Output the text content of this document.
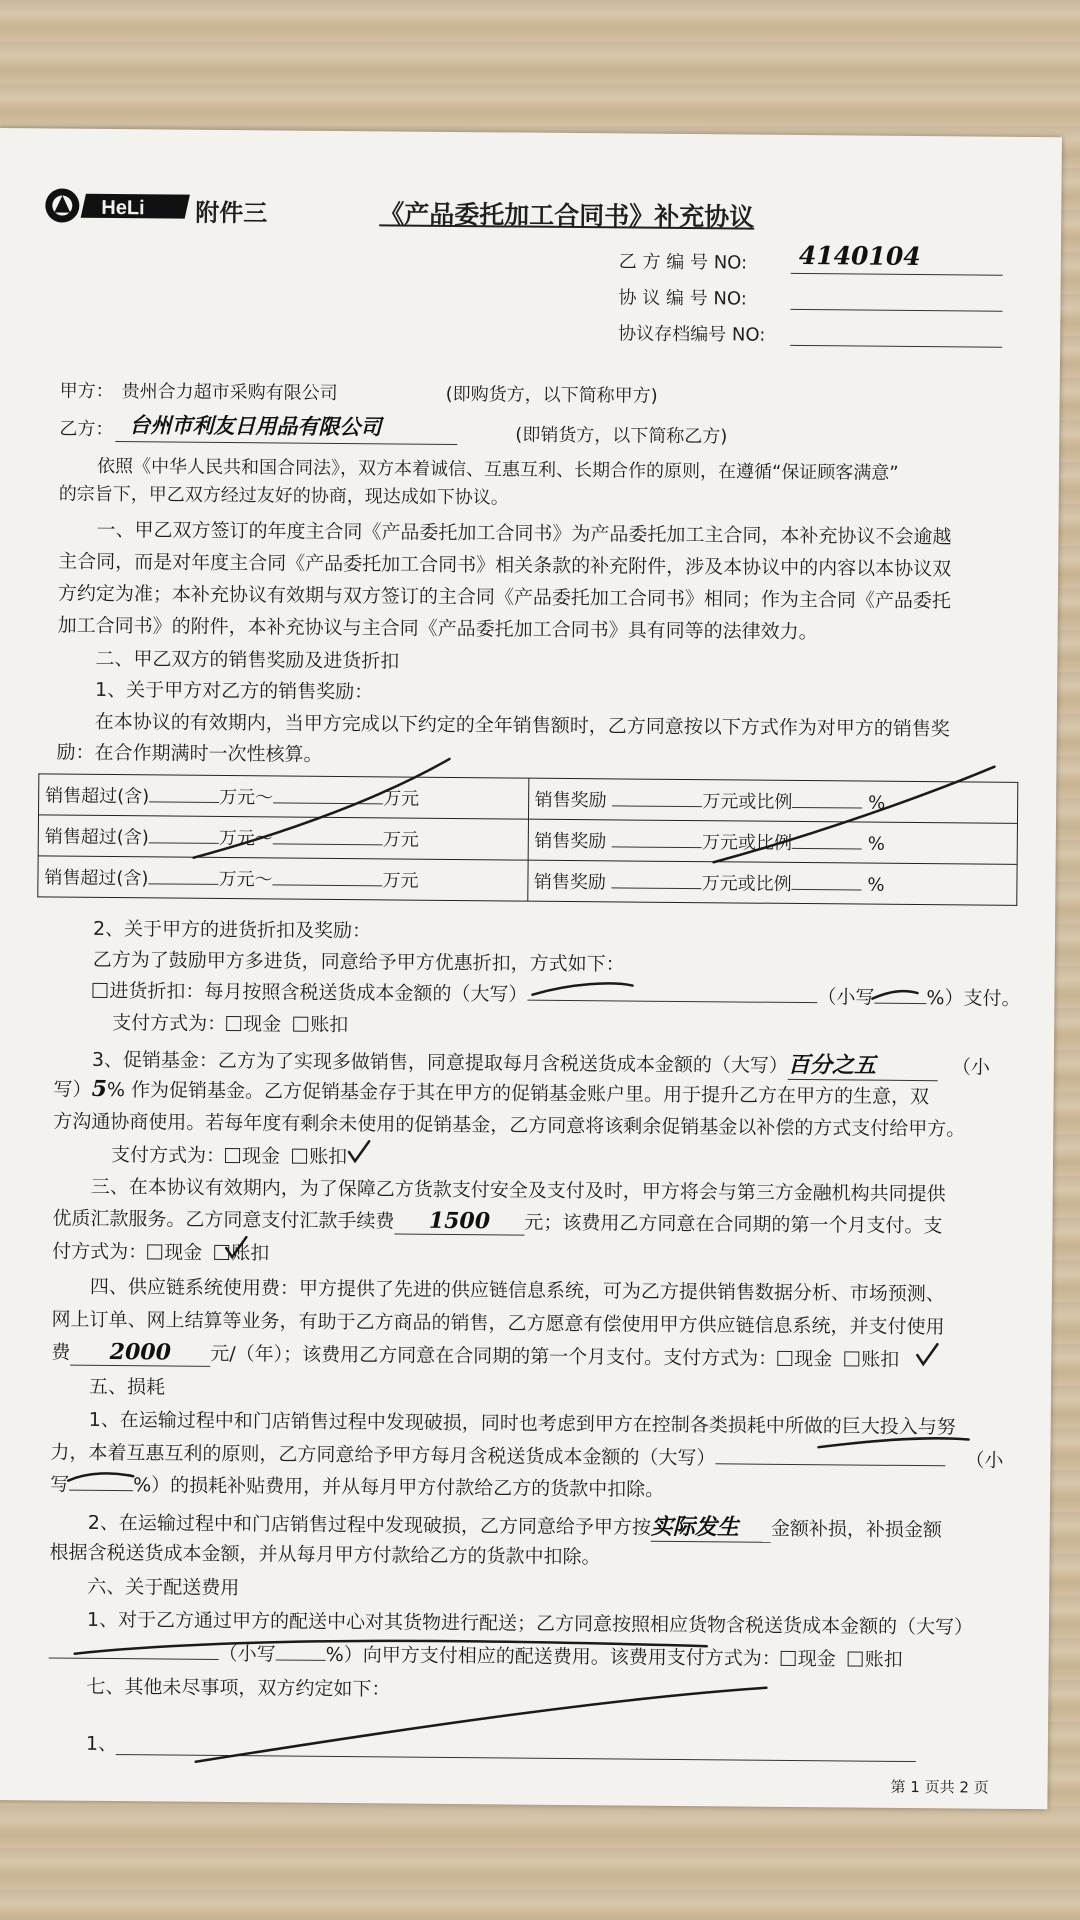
HeLi 附件三	《产品委托加工合同书》补充协议
乙 方 编 号 NO: 4140104
协 议 编 号 NO:
协议存档编号 NO:
甲方： 贵州合力超市采购有限公司	(即购货方，以下简称甲方)
乙方： 台州市利友日用品有限公司	(即销货方，以下简称乙方)
依照《中华人民共和国合同法》，双方本着诚信、互惠互利、长期合作的原则，在遵循“保证顾客满意”
的宗旨下，甲乙双方经过友好的协商，现达成如下协议。
一、甲乙双方签订的年度主合同《产品委托加工合同书》为产品委托加工主合同，本补充协议不会逾越
主合同，而是对年度主合同《产品委托加工合同书》相关条款的补充附件，涉及本协议中的内容以本协议双
方约定为准；本补充协议有效期与双方签订的主合同《产品委托加工合同书》相同；作为主合同《产品委托
加工合同书》的附件，本补充协议与主合同《产品委托加工合同书》具有同等的法律效力。
二、甲乙双方的销售奖励及进货折扣
1、关于甲方对乙方的销售奖励：
在本协议的有效期内，当甲方完成以下约定的全年销售额时，乙方同意按以下方式作为对甲方的销售奖
励：在合作期满时一次性核算。
销售超过(含) 万元～ 万元	销售奖励 万元或比例 %
销售超过(含) 万元～ 万元	销售奖励 万元或比例 %
销售超过(含) 万元～ 万元	销售奖励 万元或比例 %
2、关于甲方的进货折扣及奖励：
乙方为了鼓励甲方多进货，同意给予甲方优惠折扣，方式如下：
进货折扣：每月按照含税送货成本金额的（大写）	（小写	%）支付。
支付方式为： 现金 账扣
3、促销基金：乙方为了实现多做销售，同意提取每月含税送货成本金额的（大写）百分之五	（小
写）5% 作为促销基金。乙方促销基金存于其在甲方的促销基金账户里。用于提升乙方在甲方的生意，双
方沟通协商使用。若每年度有剩余未使用的促销基金，乙方同意将该剩余促销基金以补偿的方式支付给甲方。
支付方式为： 现金 账扣
三、在本协议有效期内，为了保障乙方货款支付安全及支付及时，甲方将会与第三方金融机构共同提供
优质汇款服务。乙方同意支付汇款手续费 1500 元；该费用乙方同意在合同期的第一个月支付。支
付方式为： 现金 账扣
四、供应链系统使用费：甲方提供了先进的供应链信息系统，可为乙方提供销售数据分析、市场预测、
网上订单、网上结算等业务，有助于乙方商品的销售，乙方愿意有偿使用甲方供应链信息系统，并支付使用
费 2000 元/（年）；该费用乙方同意在合同期的第一个月支付。支付方式为： 现金 账扣
五、损耗
1、在运输过程中和门店销售过程中发现破损，同时也考虑到甲方在控制各类损耗中所做的巨大投入与努
力，本着互惠互利的原则，乙方同意给予甲方每月含税送货成本金额的（大写）	（小
写	%）的损耗补贴费用，并从每月甲方付款给乙方的货款中扣除。
2、在运输过程中和门店销售过程中发现破损，乙方同意给予甲方按实际发生 金额补损，补损金额
根据含税送货成本金额，并从每月甲方付款给乙方的货款中扣除。
六、关于配送费用
1、对于乙方通过甲方的配送中心对其货物进行配送；乙方同意按照相应货物含税送货成本金额的（大写）
（小写	%）向甲方支付相应的配送费用。该费用支付方式为： 现金 账扣
七、其他未尽事项，双方约定如下：
1、
第 1 页共 2 页
